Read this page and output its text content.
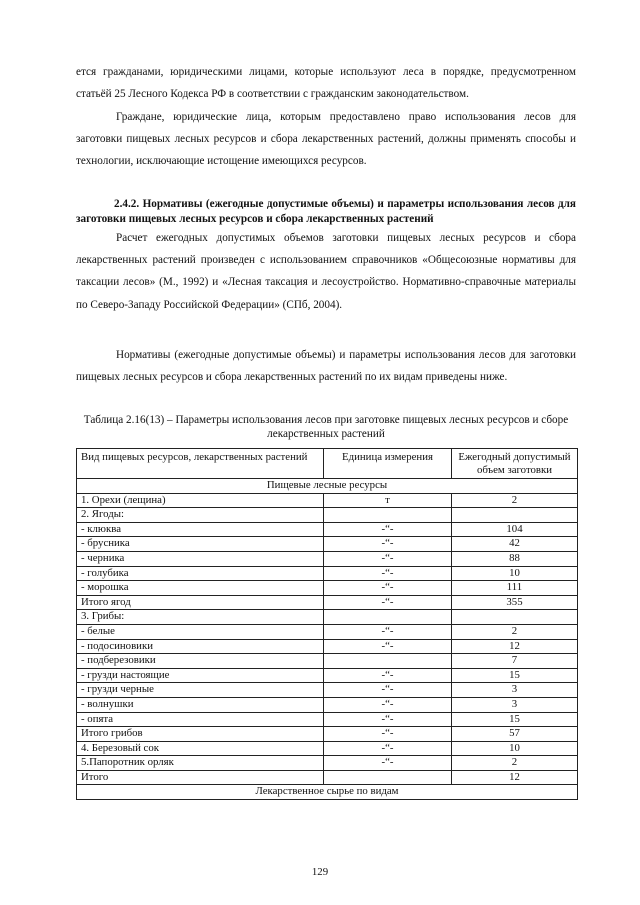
ется гражданами, юридическими лицами, которые используют леса в порядке, предусмотренном статьёй 25 Лесного Кодекса РФ в соответствии с гражданским законодательством.
Граждане, юридические лица, которым предоставлено право использования лесов для заготовки пищевых лесных ресурсов и сбора лекарственных растений, должны применять способы и технологии, исключающие истощение имеющихся ресурсов.
2.4.2. Нормативы (ежегодные допустимые объемы) и параметры использования лесов для заготовки пищевых лесных ресурсов и сбора лекарственных растений
Расчет ежегодных допустимых объемов заготовки пищевых лесных ресурсов и сбора лекарственных растений произведен с использованием справочников «Общесоюзные нормативы для таксации лесов» (М., 1992) и «Лесная таксация и лесоустройство. Нормативно-справочные материалы по Северо-Западу Российской Федерации» (СПб, 2004).
Нормативы (ежегодные допустимые объемы) и параметры использования лесов для заготовки пищевых лесных ресурсов и сбора лекарственных растений по их видам приведены ниже.
Таблица 2.16(13) – Параметры использования лесов при заготовке пищевых лесных ресурсов и сборе лекарственных растений
Вид пищевых ресурсов, лекарственных растений	Единица измерения	Ежегодный допустимый объем заготовки
Пищевые лесные ресурсы		
1. Орехи (лещина)	т	2
2. Ягоды:		
- клюква	-“-	104
- брусника	-“-	42
- черника	-“-	88
- голубика	-“-	10
- морошка	-“-	111
Итого ягод	-“-	355
3. Грибы:		
- белые	-“-	2
- подосиновики	-“-	12
- подберезовики		7
- грузди настоящие	-“-	15
- грузди черные	-“-	3
- волнушки	-“-	3
- опята	-“-	15
Итого грибов	-“-	57
4. Березовый сок	-“-	10
5.Папоротник орляк	-“-	2
Итого		12
Лекарственное сырье по видам		
129
